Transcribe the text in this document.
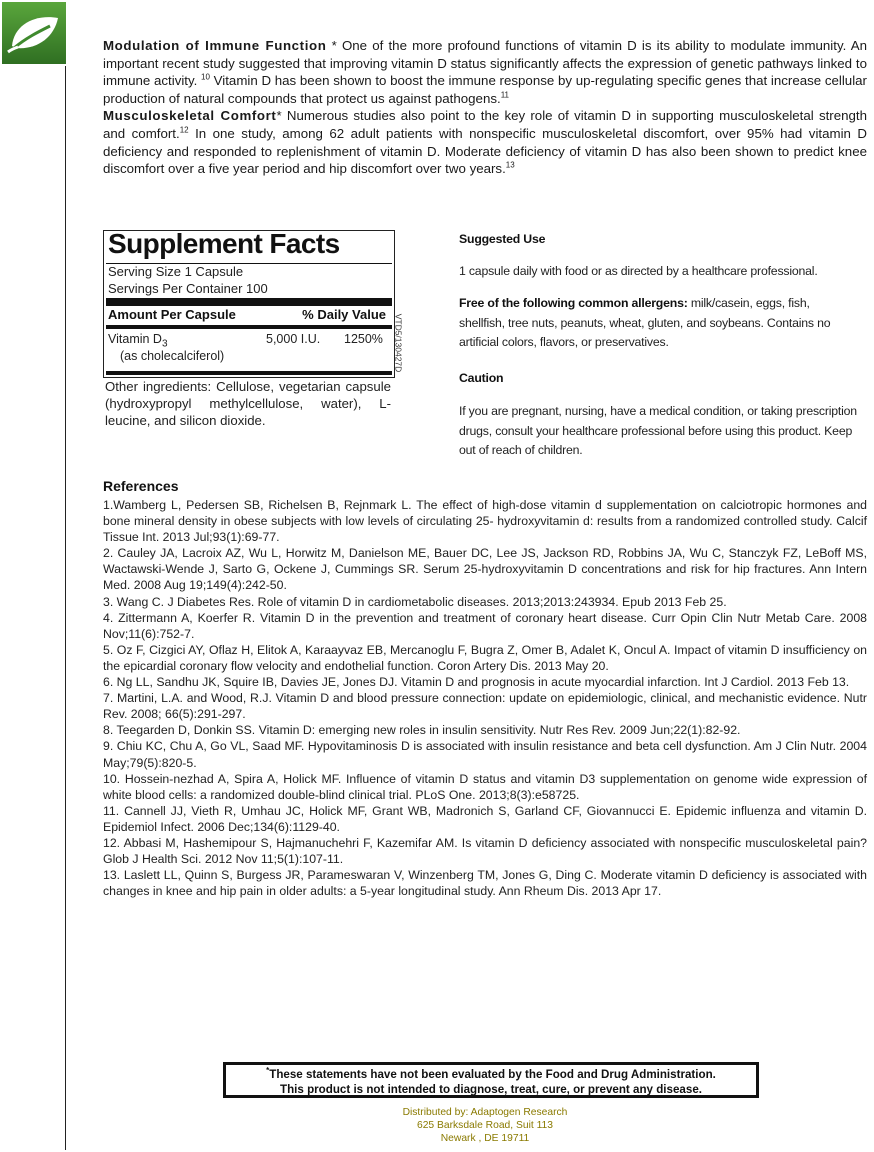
Modulation of Immune Function * One of the more profound functions of vitamin D is its ability to modulate immunity. An important recent study suggested that improving vitamin D status significantly affects the expression of genetic pathways linked to immune activity. $^{10}$ Vitamin D has been shown to boost the immune response by up-regulating specific genes that increase cellular production of natural compounds that protect us against pathogens.$^{11}$

Musculoskeletal Comfort* Numerous studies also point to the key role of vitamin D in supporting musculoskeletal strength and comfort.$^{12}$ In one study, among 62 adult patients with nonspecific musculoskeletal discomfort, over 95% had vitamin D deficiency and responded to replenishment of vitamin D. Moderate deficiency of vitamin D has also been shown to predict knee discomfort over a five year period and hip discomfort over two years.$^{13}$

Supplement Facts
Serving Size 1 Capsule
Servings Per Container 100
Amount Per Capsule	% Daily Value
Vitamin $D_3$	5,000 I.U. 1250%
(as cholecalciferol)	VTD5/130427D
Other ingredients: Cellulose, vegetarian capsule (hydroxypropyl methylcellulose, water), L-leucine, and silicon dioxide.
Suggested Use
1 capsule daily with food or as directed by a healthcare professional.
Free of the following common allergens: milk/casein, eggs, fish, shellfish, tree nuts, peanuts, wheat, gluten, and soybeans. Contains no artificial colors, flavors, or preservatives.
Caution
If you are pregnant, nursing, have a medical condition, or taking prescription drugs, consult your healthcare professional before using this product. Keep out of reach of children.
References

1.Wamberg L, Pedersen SB, Richelsen B, Rejnmark L. The effect of high-dose vitamin d supplementation on calciotropic hormones and bone mineral density in obese subjects with low levels of circulating 25- hydroxyvitamin d: results from a randomized controlled study. Calcif Tissue Int. 2013 Jul;93(1):69-77.

2. Cauley JA, Lacroix AZ, Wu L, Horwitz M, Danielson ME, Bauer DC, Lee JS, Jackson RD, Robbins JA, Wu C, Stanczyk FZ, LeBoff MS, Wactawski-Wende J, Sarto G, Ockene J, Cummings SR. Serum 25-hydroxyvitamin D concentrations and risk for hip fractures. Ann Intern Med. 2008 Aug 19;149(4):242-50.

3. Wang C. J Diabetes Res. Role of vitamin D in cardiometabolic diseases. 2013;2013:243934. Epub 2013 Feb 25.

4. Zittermann A, Koerfer R. Vitamin D in the prevention and treatment of coronary heart disease. Curr Opin Clin Nutr Metab Care. 2008 Nov;11(6):752-7.

5. Oz F, Cizgici AY, Oflaz H, Elitok A, Karaayvaz EB, Mercanoglu F, Bugra Z, Omer B, Adalet K, Oncul A. Impact of vitamin D insufficiency on the epicardial coronary flow velocity and endothelial function. Coron Artery Dis. 2013 May 20.

6. Ng LL, Sandhu JK, Squire IB, Davies JE, Jones DJ. Vitamin D and prognosis in acute myocardial infarction. Int J Cardiol. 2013 Feb 13.

7. Martini, L.A. and Wood, R.J. Vitamin D and blood pressure connection: update on epidemiologic, clinical, and mechanistic evidence. Nutr Rev. 2008; 66(5):291-297.

8. Teegarden D, Donkin SS. Vitamin D: emerging new roles in insulin sensitivity. Nutr Res Rev. 2009 Jun;22(1):82-92.

9. Chiu KC, Chu A, Go VL, Saad MF. Hypovitaminosis D is associated with insulin resistance and beta cell dysfunction. Am J Clin Nutr. 2004 May;79(5):820-5.

10. Hossein-nezhad A, Spira A, Holick MF. Influence of vitamin D status and vitamin D3 supplementation on genome wide expression of white blood cells: a randomized double-blind clinical trial. PLoS One. 2013;8(3):e58725.

11. Cannell JJ, Vieth R, Umhau JC, Holick MF, Grant WB, Madronich S, Garland CF, Giovannucci E. Epidemic influenza and vitamin D. Epidemiol Infect. 2006 Dec;134(6):1129-40.

12. Abbasi M, Hashemipour S, Hajmanuchehri F, Kazemifar AM. Is vitamin D deficiency associated with nonspecific musculoskeletal pain? Glob J Health Sci. 2012 Nov 11;5(1):107-11.

13. Laslett LL, Quinn S, Burgess JR, Parameswaran V, Winzenberg TM, Jones G, Ding C. Moderate vitamin D deficiency is associated with changes in knee and hip pain in older adults: a 5-year longitudinal study. Ann Rheum Dis. 2013 Apr 17.

*These statements have not been evaluated by the Food and Drug Administration.
This product is not intended to diagnose, treat, cure, or prevent any disease.
Distributed by: Adaptogen Research
625 Barksdale Road, Suit 113
Newark , DE 19711
